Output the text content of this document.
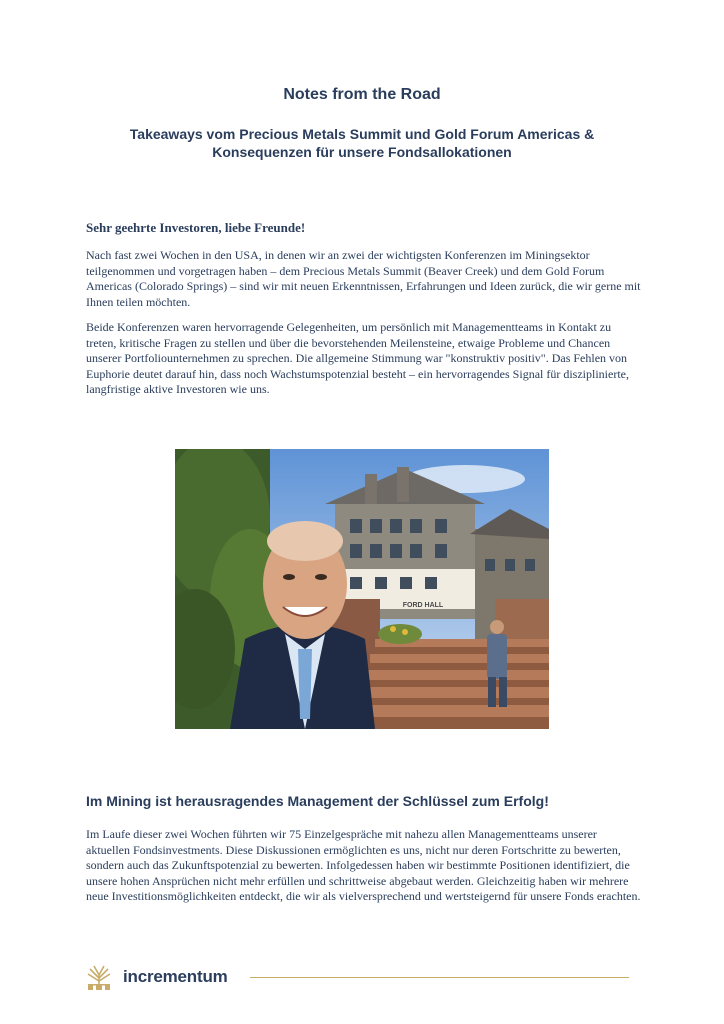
Notes from the Road
Takeaways vom Precious Metals Summit und Gold Forum Americas &
Konsequenzen für unsere Fondsallokationen
Sehr geehrte Investoren, liebe Freunde!

Nach fast zwei Wochen in den USA, in denen wir an zwei der wichtigsten Konferenzen im Miningsektor teilgenommen und vorgetragen haben – dem Precious Metals Summit (Beaver Creek) und dem Gold Forum Americas (Colorado Springs) – sind wir mit neuen Erkenntnissen, Erfahrungen und Ideen zurück, die wir gerne mit Ihnen teilen möchten.

Beide Konferenzen waren hervorragende Gelegenheiten, um persönlich mit Managementteams in Kontakt zu treten, kritische Fragen zu stellen und über die bevorstehenden Meilensteine, etwaige Probleme und Chancen unserer Portfoliounternehmen zu sprechen. Die allgemeine Stimmung war "konstruktiv positiv". Das Fehlen von Euphorie deutet darauf hin, dass noch Wachstumspotenzial besteht – ein hervorragendes Signal für disziplinierte, langfristige aktive Investoren wie uns.

FORD HALL
Im Mining ist herausragendes Management der Schlüssel zum Erfolg!

Im Laufe dieser zwei Wochen führten wir 75 Einzelgespräche mit nahezu allen Managementteams unserer aktuellen Fondsinvestments. Diese Diskussionen ermöglichten es uns, nicht nur deren Fortschritte zu bewerten, sondern auch das Zukunftspotenzial zu bewerten. Infolgedessen haben wir bestimmte Positionen identifiziert, die unsere hohen Ansprüchen nicht mehr erfüllen und schrittweise abgebaut werden. Gleichzeitig haben wir mehrere neue Investitionsmöglichkeiten entdeckt, die wir als vielversprechend und wertsteigernd für unsere Fonds erachten.

incrementum
